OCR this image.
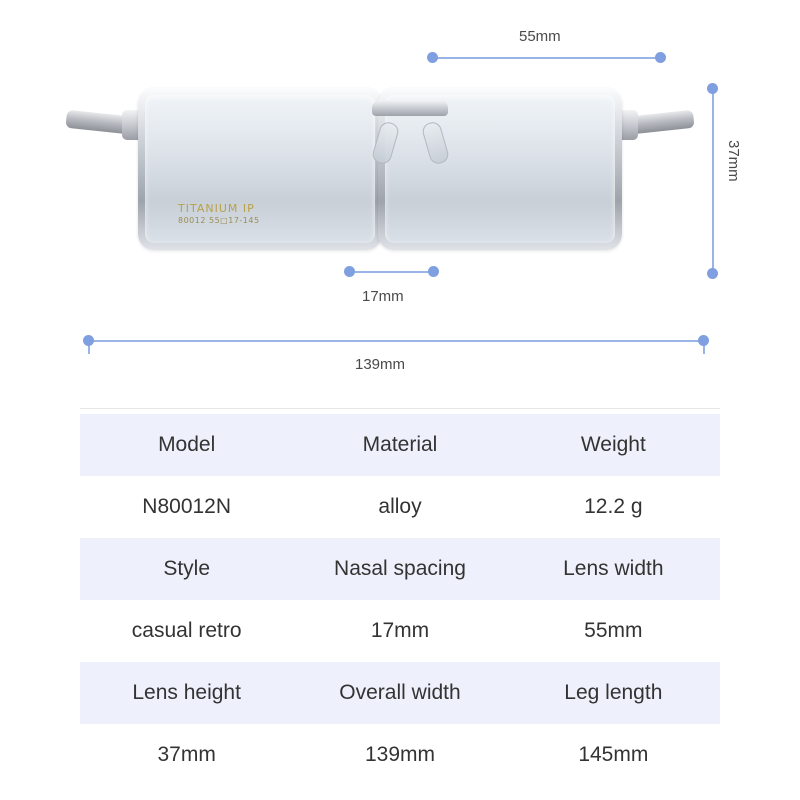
TITANIUM IP
80012 55□17-145
55mm
37mm
17mm
139mm
Model	Material	Weight
N80012N	alloy	12.2 g
Style	Nasal spacing	Lens width
casual retro	17mm	55mm
Lens height	Overall width	Leg length
37mm	139mm	145mm
